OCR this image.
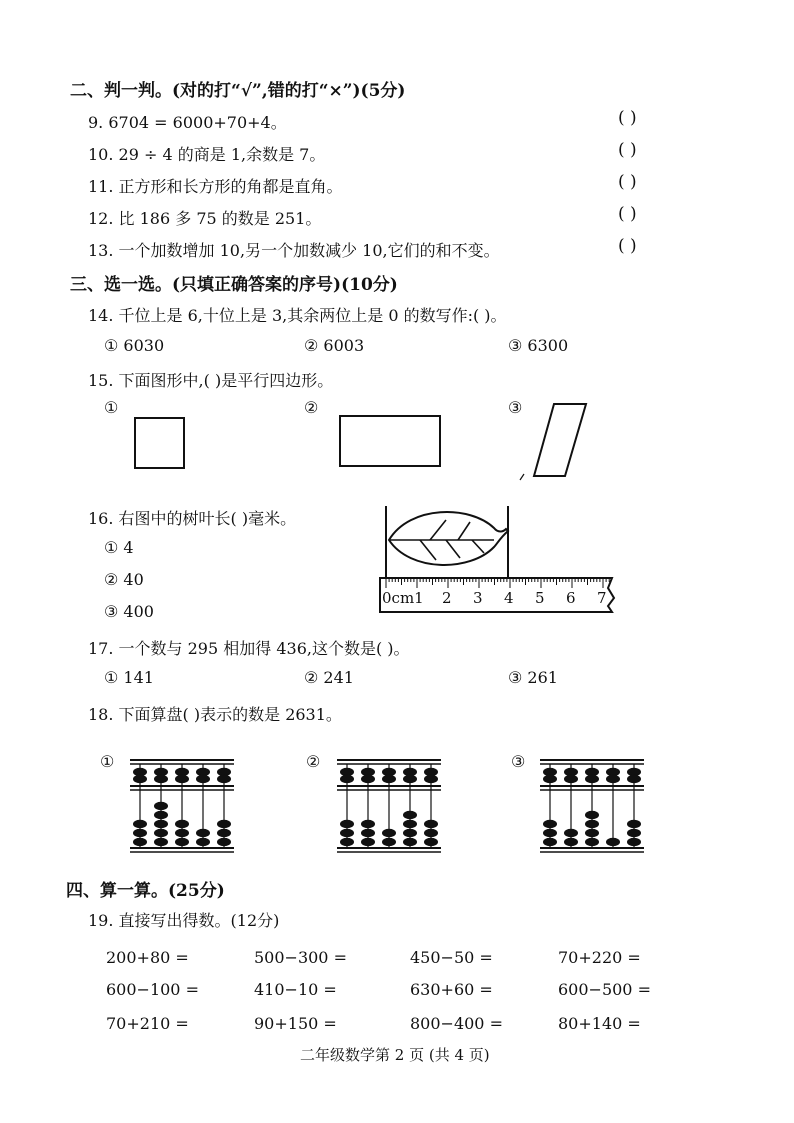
二、判一判。(对的打“√”,错的打“×”)(5分)
9. 6704 = 6000+70+4。	( )
10. 29 ÷ 4 的商是 1,余数是 7。	( )
11. 正方形和长方形的角都是直角。	( )
12. 比 186 多 75 的数是 251。	( )
13. 一个加数增加 10,另一个加数减少 10,它们的和不变。	( )
三、选一选。(只填正确答案的序号)(10分)
14. 千位上是 6,十位上是 3,其余两位上是 0 的数写作:( )。
① 6030	② 6003	③ 6300
15. 下面图形中,( )是平行四边形。
①	②	③
16. 右图中的树叶长( )毫米。
① 4
② 40
③ 400
0cm1 2 3 4 5 6 7
17. 一个数与 295 相加得 436,这个数是( )。
① 141	② 241	③ 261
18. 下面算盘( )表示的数是 2631。
①	②	③
四、算一算。(25分)
19. 直接写出得数。(12分)
200+80 =	500−300 =	450−50 =	70+220 =
600−100 =	410−10 =	630+60 =	600−500 =
70+210 =	90+150 =	800−400 =	80+140 =
二年级数学第 2 页 (共 4 页)
